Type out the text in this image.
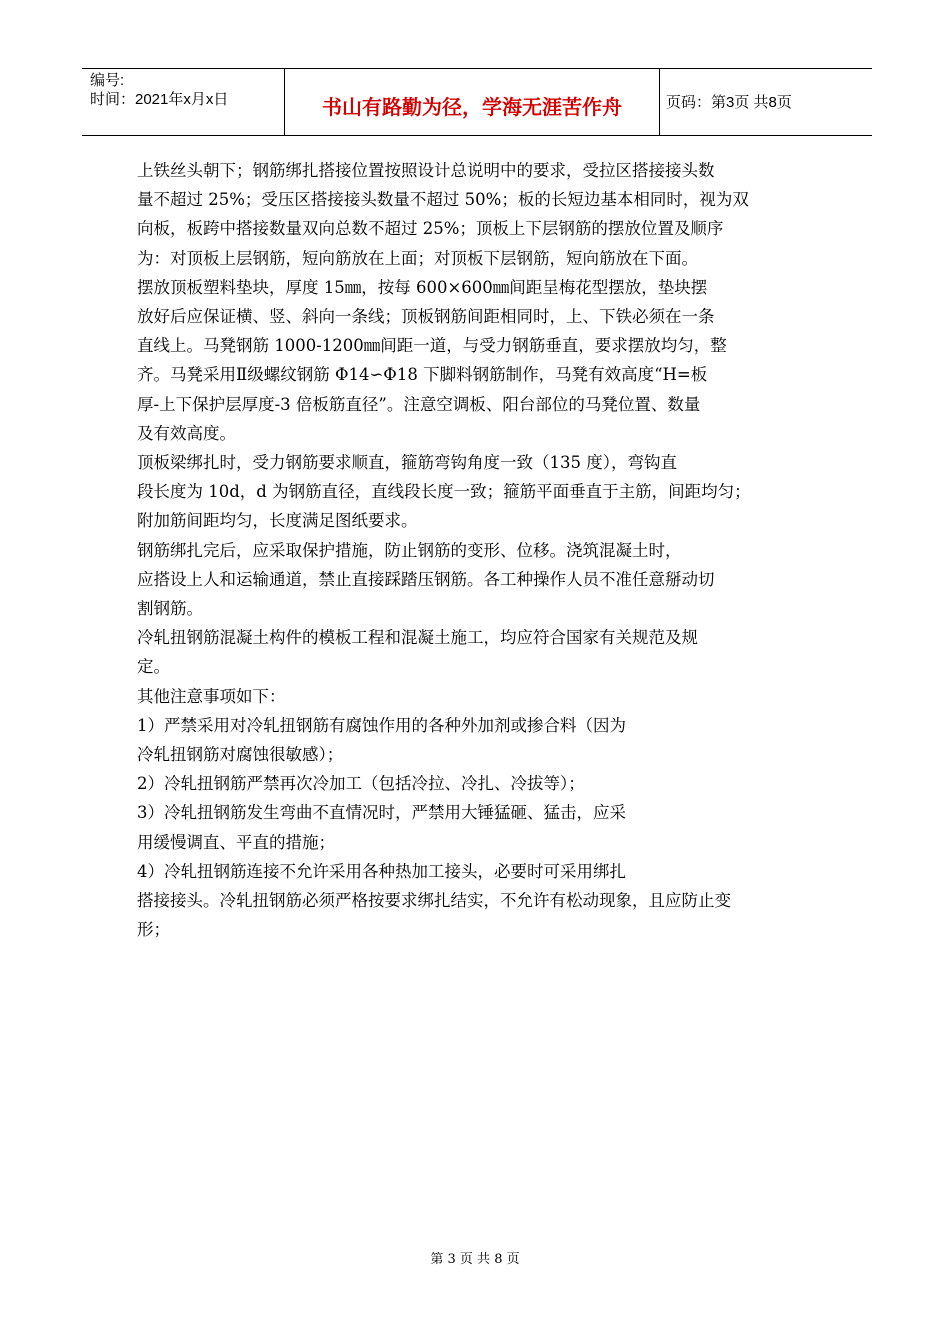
编号:
时间：2021年x月x日	书山有路勤为径，学海无涯苦作舟	页码：第3页 共8页
上铁丝头朝下；钢筋绑扎搭接位置按照设计总说明中的要求，受拉区搭接接头数
量不超过 25%；受压区搭接接头数量不超过 50%；板的长短边基本相同时，视为双
向板，板跨中搭接数量双向总数不超过 25%；顶板上下层钢筋的摆放位置及顺序
为：对顶板上层钢筋，短向筋放在上面；对顶板下层钢筋，短向筋放在下面。
摆放顶板塑料垫块，厚度 15㎜，按每 600×600㎜间距呈梅花型摆放，垫块摆
放好后应保证横、竖、斜向一条线；顶板钢筋间距相同时，上、下铁必须在一条
直线上。马凳钢筋 1000-1200㎜间距一道，与受力钢筋垂直，要求摆放均匀，整
齐。马凳采用Ⅱ级螺纹钢筋 Φ14∽Φ18 下脚料钢筋制作，马凳有效高度“H=板
厚-上下保护层厚度-3 倍板筋直径”。注意空调板、阳台部位的马凳位置、数量
及有效高度。
顶板梁绑扎时，受力钢筋要求顺直，箍筋弯钩角度一致（135 度），弯钩直
段长度为 10d，d 为钢筋直径，直线段长度一致；箍筋平面垂直于主筋，间距均匀；
附加筋间距均匀，长度满足图纸要求。
钢筋绑扎完后，应采取保护措施，防止钢筋的变形、位移。浇筑混凝土时，
应搭设上人和运输通道，禁止直接踩踏压钢筋。各工种操作人员不准任意掰动切
割钢筋。
冷轧扭钢筋混凝土构件的模板工程和混凝土施工，均应符合国家有关规范及规
定。
其他注意事项如下：
1）严禁采用对冷轧扭钢筋有腐蚀作用的各种外加剂或掺合料（因为
冷轧扭钢筋对腐蚀很敏感）；
2）冷轧扭钢筋严禁再次冷加工（包括冷拉、冷扎、冷拔等）；
3）冷轧扭钢筋发生弯曲不直情况时，严禁用大锤猛砸、猛击，应采
用缓慢调直、平直的措施；
4）冷轧扭钢筋连接不允许采用各种热加工接头，必要时可采用绑扎
搭接接头。冷轧扭钢筋必须严格按要求绑扎结实，不允许有松动现象，且应防止变
形；
第 3 页 共 8 页
